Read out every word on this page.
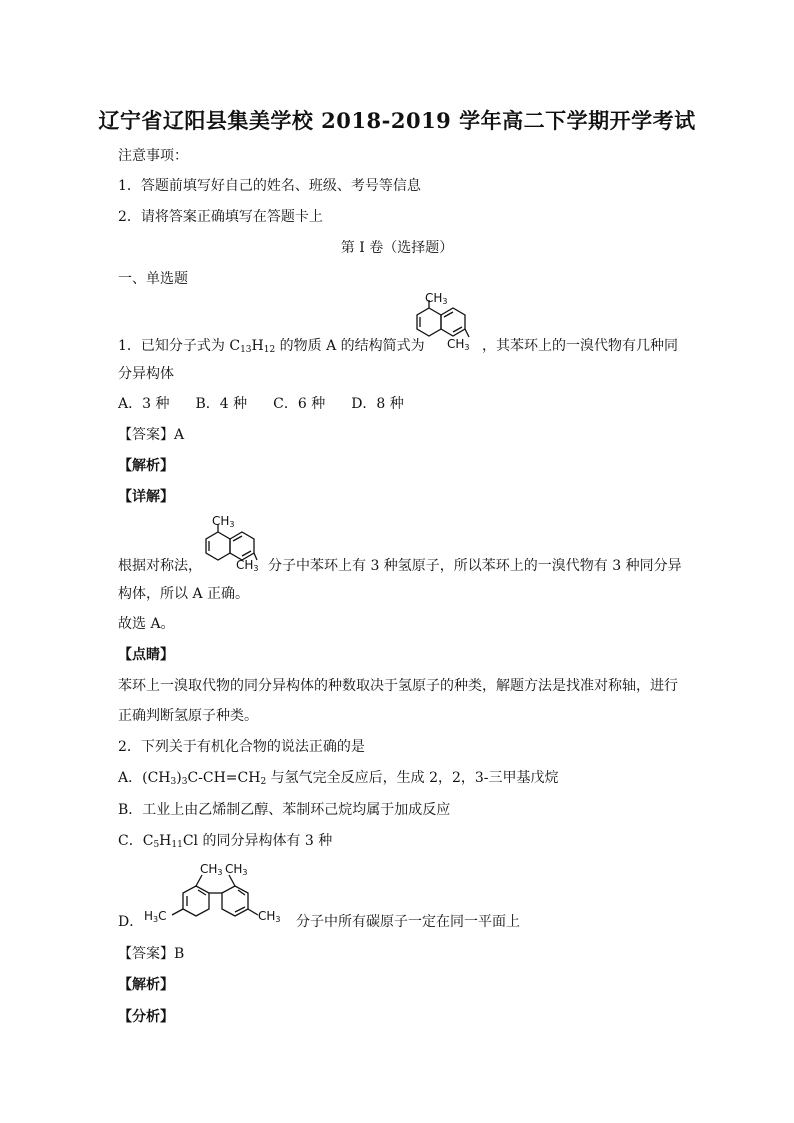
辽宁省辽阳县集美学校 2018-2019 学年高二下学期开学考试
注意事项：
1．答题前填写好自己的姓名、班级、考号等信息
2．请将答案正确填写在答题卡上
第 I 卷（选择题）
一、单选题
1．已知分子式为 $C_{13}H_{12}$ 的物质 A 的结构简式为
CH3
CH3 ，其苯环上的一溴代物有几种同
分异构体
A．3 种 B．4 种 C．6 种 D．8 种
【答案】A
【解析】
【详解】
根据对称法，
CH3
CH3 分子中苯环上有 3 种氢原子，所以苯环上的一溴代物有 3 种同分异
构体，所以 A 正确。
故选 A。
【点睛】
苯环上一溴取代物的同分异构体的种数取决于氢原子的种类，解题方法是找准对称轴，进行
正确判断氢原子种类。
2．下列关于有机化合物的说法正确的是
A．$(CH_3)_3C-CH=CH_2$ 与氢气完全反应后，生成 2，2，3-三甲基戊烷
B．工业上由乙烯制乙醇、苯制环己烷均属于加成反应
C．$C_5H_{11}Cl$ 的同分异构体有 3 种
D．
CH3 CH3
H3C	CH3 分子中所有碳原子一定在同一平面上
【答案】B
【解析】
【分析】
